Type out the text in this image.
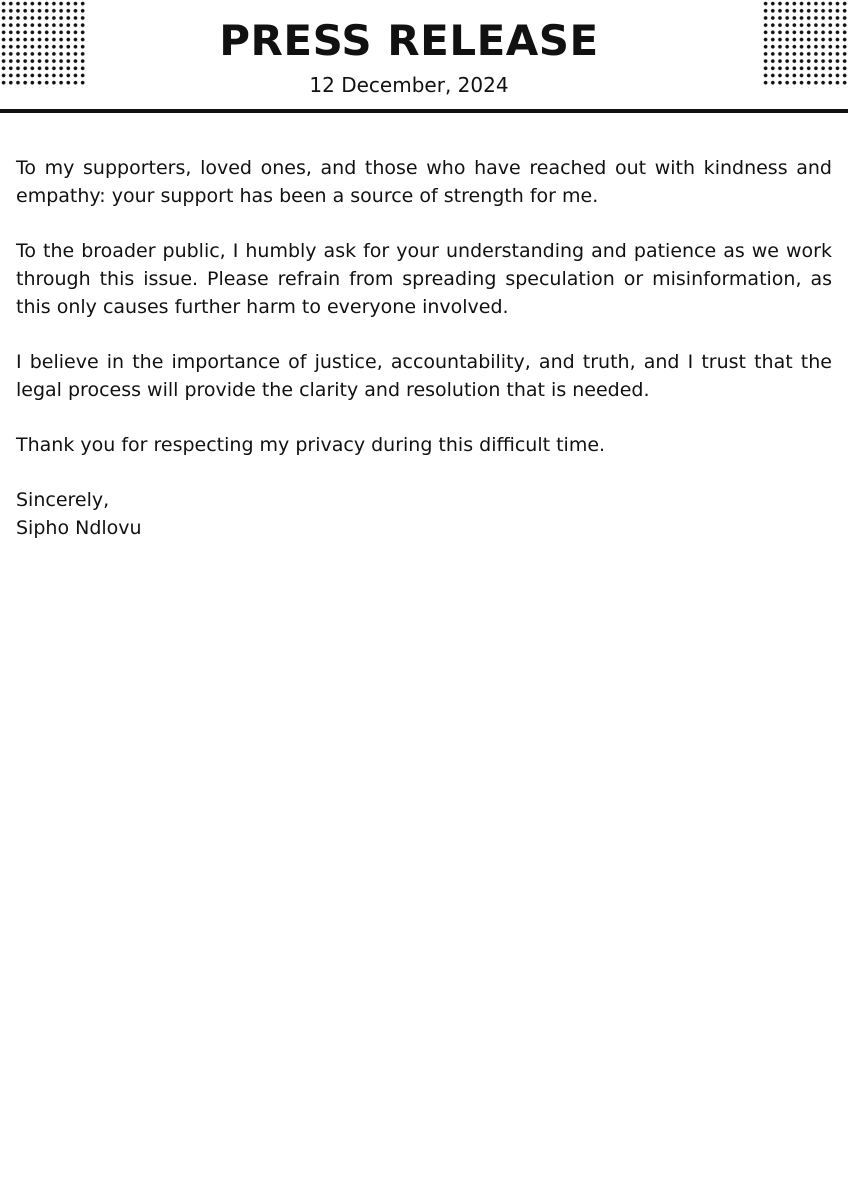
PRESS RELEASE
12 December, 2024

To my supporters, loved ones, and those who have reached out with kindness and empathy: your support has been a source of strength for me.

To the broader public, I humbly ask for your understanding and patience as we work through this issue. Please refrain from spreading speculation or misinformation, as this only causes further harm to everyone involved.

I believe in the importance of justice, accountability, and truth, and I trust that the legal process will provide the clarity and resolution that is needed.

Thank you for respecting my privacy during this difficult time.

Sincerely,
Sipho Ndlovu
